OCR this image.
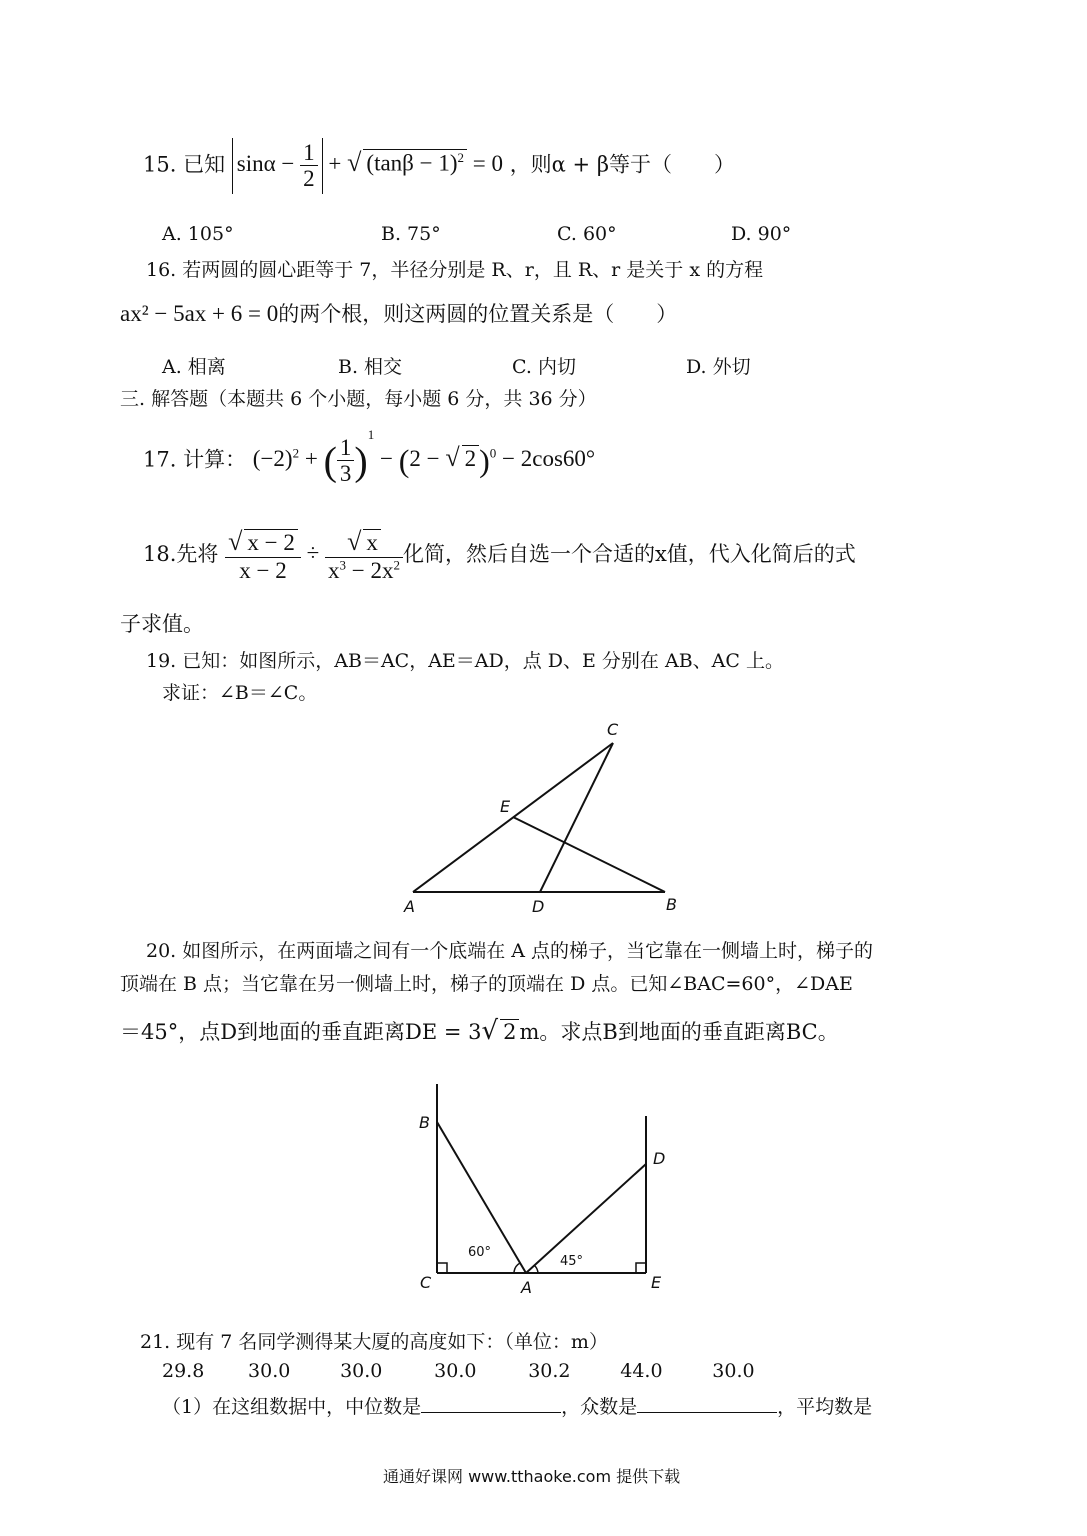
15. 已知 $\sin\alpha - \frac{1}{2}$ + √ $(\tan\beta - 1)^2 = 0$ ，则α + β等于（　　）
A. 105°	B. 75°	C. 60°	D. 90°
16. 若两圆的圆心距等于 7，半径分别是 R、r，且 R、r 是关于 x 的方程
ax² − 5ax + 6 = 0的两个根，则这两圆的位置关系是（　　）
A. 相离	B. 相交	C. 内切	D. 外切
三. 解答题（本题共 6 个小题，每小题 6 分，共 36 分）
17. 计算： $(-2)^2$ + ( $\frac{1}{3} )^1 - (2$ − √ 2)$^0$ − 2cos60°
18.先将 $\frac{√ x - 2}{x - 2} \div \frac{√ x}{x^3 - 2x^2}$ 化简，然后自选一个合适的x值，代入化简后的式
子求值。
19. 已知：如图所示，AB＝AC，AE＝AD，点 D、E 分别在 AB、AC 上。
求证：∠B＝∠C。
C
E
A	D	B
20. 如图所示，在两面墙之间有一个底端在 A 点的梯子，当它靠在一侧墙上时，梯子的
顶端在 B 点；当它靠在另一侧墙上时，梯子的顶端在 D 点。已知∠BAC=60°，∠DAE
＝45°，点D到地面的垂直距离DE = 3√ 2 m。求点B到地面的垂直距离BC。
B
D
C	A	E
60°
45°
21. 现有 7 名同学测得某大厦的高度如下：（单位：m）
29.8 30.0	30.0	30.0	30.2	44.0	30.0
（1）在这组数据中，中位数是	，众数是	，平均数是
通通好课网 www.tthaoke.com 提供下载
